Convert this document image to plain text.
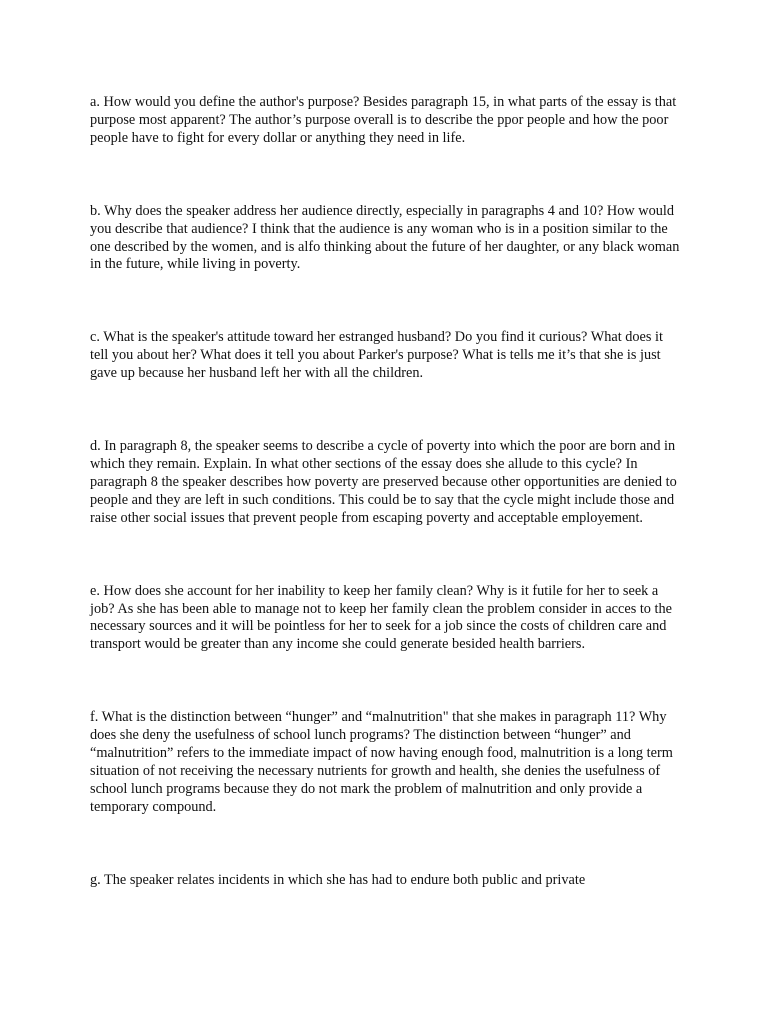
a. How would you define the author's purpose? Besides paragraph 15, in what parts of the essay is that purpose most apparent? The author’s purpose overall is to describe the ppor people and how the poor people have to fight for every dollar or anything they need in life.

b. Why does the speaker address her audience directly, especially in paragraphs 4 and 10? How would you describe that audience? I think that the audience is any woman who is in a position similar to the one described by the women, and is alfo thinking about the future of her daughter, or any black woman in the future, while living in poverty.

c. What is the speaker's attitude toward her estranged husband? Do you find it curious? What does it tell you about her? What does it tell you about Parker's purpose? What is tells me it’s that she is just gave up because her husband left her with all the children.

d. In paragraph 8, the speaker seems to describe a cycle of poverty into which the poor are born and in which they remain. Explain. In what other sections of the essay does she allude to this cycle? In paragraph 8 the speaker describes how poverty are preserved because other opportunities are denied to people and they are left in such conditions. This could be to say that the cycle might include those and raise other social issues that prevent people from escaping poverty and acceptable employement.

e. How does she account for her inability to keep her family clean? Why is it futile for her to seek a job? As she has been able to manage not to keep her family clean the problem consider in acces to the necessary sources and it will be pointless for her to seek for a job since the costs of children care and transport would be greater than any income she could generate besided health barriers.

f. What is the distinction between “hunger” and “malnutrition" that she makes in paragraph 11? Why does she deny the usefulness of school lunch programs? The distinction between “hunger” and “malnutrition” refers to the immediate impact of now having enough food, malnutrition is a long term situation of not receiving the necessary nutrients for growth and health, she denies the usefulness of school lunch programs because they do not mark the problem of malnutrition and only provide a temporary compound.

g. The speaker relates incidents in which she has had to endure both public and private
